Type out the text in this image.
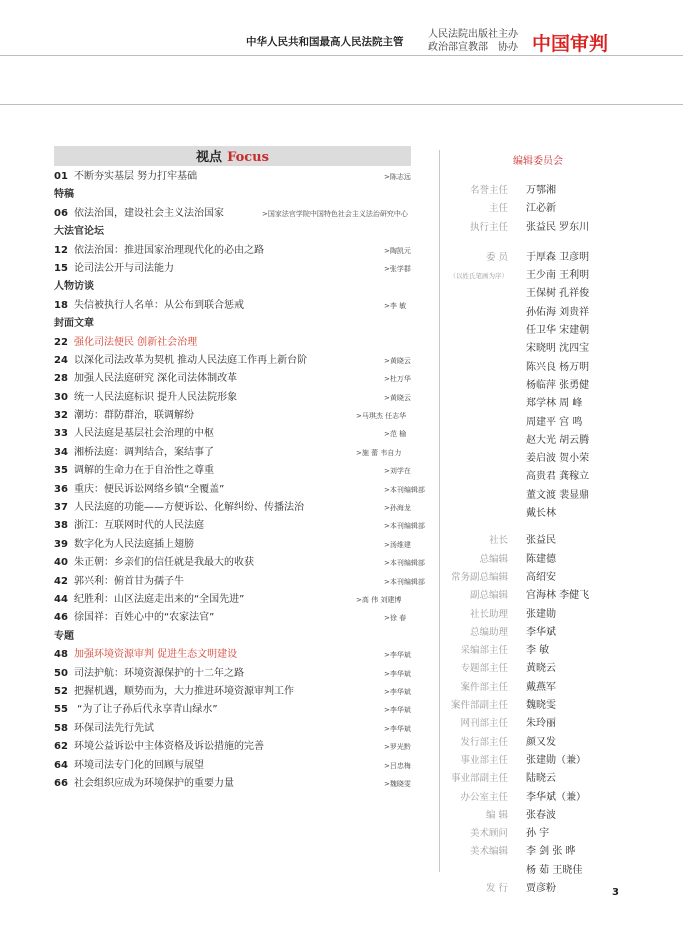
中华人民共和国最高人民法院主管
人民法院出版社主办
政治部宣教部　协办 中国审判
视点 Focus
01 不断夯实基层 努力打牢基础	>陈志远
特稿
06 依法治国，建设社会主义法治国家	>国家法官学院中国特色社会主义法治研究中心
大法官论坛
12 依法治国：推进国家治理现代化的必由之路	>陶凯元
15 论司法公开与司法能力	>张学群
人物访谈
18 失信被执行人名单：从公布到联合惩戒	>李 敏
封面文章
22 强化司法便民 创新社会治理
24 以深化司法改革为契机 推动人民法庭工作再上新台阶	>黄晓云
28 加强人民法庭研究 深化司法体制改革	>杜万华
30 统一人民法庭标识 提升人民法院形象	>黄晓云
32 潮坊：群防群治，联调解纷	>马琪杰 任志华
33 人民法庭是基层社会治理的中枢	>范 榆
34 湘桥法庭：调判结合，案结事了	>施 蕾 韦自力
35 调解的生命力在于自治性之尊重	>刘学在
36 重庆：便民诉讼网络乡镇“全覆盖”	>本刊编辑部
37 人民法庭的功能——方便诉讼、化解纠纷、传播法治	>孙海龙
38 浙江：互联网时代的人民法庭	>本刊编辑部
39 数字化为人民法庭插上翅膀	>汤维建
40 朱正朝：乡亲们的信任就是我最大的收获	>本刊编辑部
42 郭兴利：俯首甘为孺子牛	>本刊编辑部
44 纪胜利：山区法庭走出来的“全国先进”	>高 伟 刘建博
46 徐国祥：百姓心中的“农家法官”	>徐 春
专题
48 加强环境资源审判 促进生态文明建设	>李华斌
50 司法护航：环境资源保护的十二年之路	>李华斌
52 把握机遇，顺势而为，大力推进环境资源审判工作	>李华斌
55 “为了让子孙后代永享青山绿水”	>李华斌
58 环保司法先行先试	>李华斌
62 环境公益诉讼中主体资格及诉讼措施的完善	>罗光黔
64 环境司法专门化的回顾与展望	>吕忠梅
66 社会组织应成为环境保护的重要力量	>魏晓雯
编辑委员会
名誉主任 万鄂湘
主任 江必新
执行主任 张益民 罗东川
委 员 于厚森 卫彦明
（以姓氏笔画为序） 王少南 王利明
王保树 孔祥俊
孙佑海 刘贵祥
任卫华 宋建朝
宋晓明 沈四宝
陈兴良 杨万明
杨临萍 张勇健
郑学林 周 峰
周建平 宫 鸣
赵大光 胡云腾
姜启波 贺小荣
高贵君 龚稼立
董文渡 裴显鼎
戴长林
社长 张益民
总编辑 陈建德
常务副总编辑 高绍安
副总编辑 宫海林 李健飞
社长助理 张建勋
总编助理 李华斌
采编部主任 李 敏
专题部主任 黄晓云
案件部主任 戴燕军
案件部副主任 魏晓雯
网刊部主任 朱玲丽
发行部主任 颜又发
事业部主任 张建勋（兼）
事业部副主任 陆晓云
办公室主任 李华斌（兼）
编 辑 张春波
美术顾问 孙 宇
美术编辑 李 剑 张 晔
杨 茹 王晓佳
发 行 贾彦粉	3
